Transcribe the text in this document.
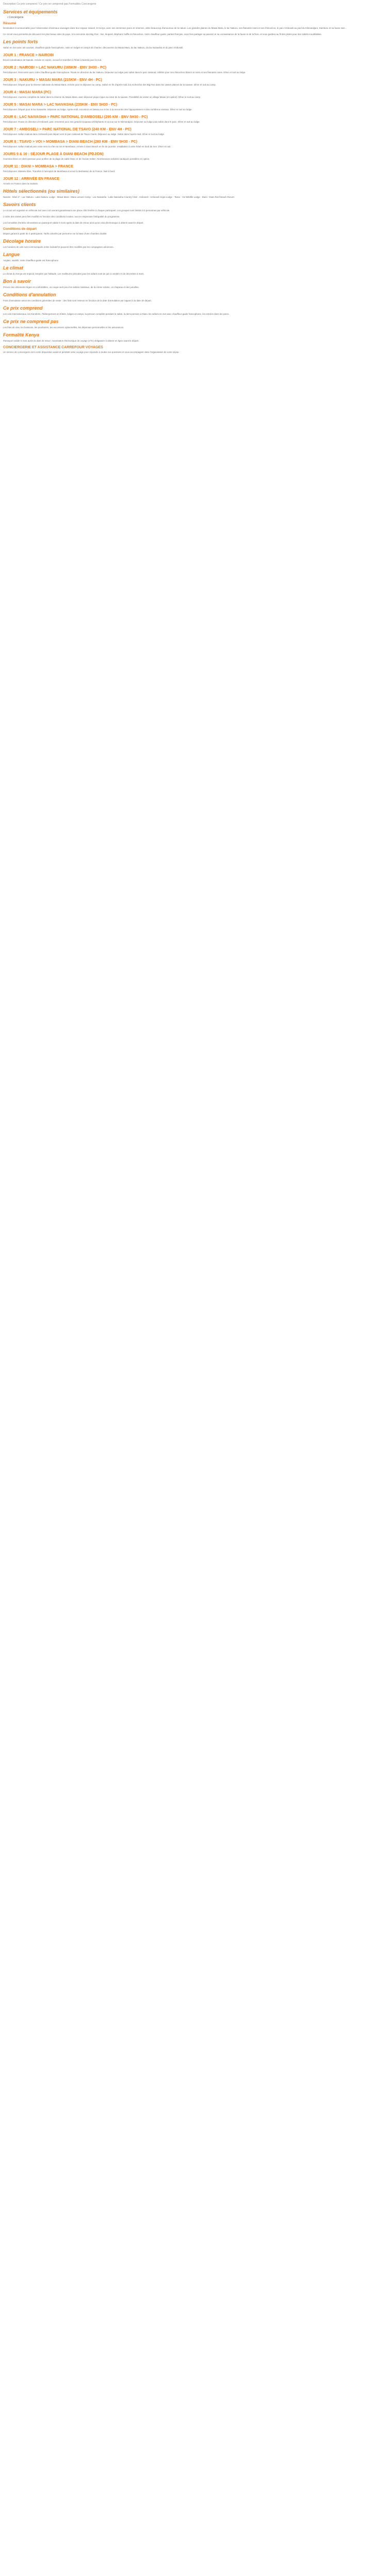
Description Ce prix comprend / Ce prix ne comprend pas Formalités Conciergerie
Services et équipements
• Conciergerie
Résumé
Destination incontournable pour l'observation d'animaux sauvages dans leur espace naturel, le Kenya, avec ses immenses parcs et réserves, attire beaucoup d'amoureux de la nature. Les grandes plaines du Masai Mara, le lac Nakuru, ses flamants roses et ses rhinocéros, le parc Amboseli au pied du Kilimandjaro, Samburu et sa faune rare...
Ce circuit vous permettra de découvrir les plus beaux sites du pays, à la rencontre des Big Five : lion, léopard, éléphant, buffle et rhinocéros. Votre chauffeur-guide, parlant français, vous fera partager sa passion et sa connaissance de la faune et de la flore, et vous guidera au fil des pistes pour des safaris inoubliables.
Les points forts
Safari en 4x4 avec toit ouvrant, chauffeur-guide francophone, nuits en lodges et camps de charme, découverte du Masai Mara, du lac Nakuru, du lac Naivasha et du parc Amboseli.
JOUR 1 : FRANCE > NAIROBI
Envol à destination de Nairobi. Arrivée en soirée, accueil et transfert à l'hôtel à Nairobi pour la nuit.
JOUR 2 : NAIROBI > LAC NAKURU (165KM - ENV 3H30 - PC)
Petit déjeuner. Rencontre avec votre chauffeur-guide francophone. Route en direction du lac Nakuru. Déjeuner au lodge puis safari dans le parc national, célèbre pour ses rhinocéros blancs et noirs et ses flamants roses. Dîner et nuit au lodge.
JOUR 3 : NAKURU > MASAI MARA (215KM - ENV 4H - PC)
Petit déjeuner. Départ pour la réserve nationale du Masai Mara. Arrivée pour le déjeuner au camp. Safari en fin d'après-midi à la recherche des Big Five dans les vastes plaines de la savane. Dîner et nuit au camp.
JOUR 4 : MASAI MARA (PC)
Petit déjeuner. Journée complète de safari dans la réserve du Masai Mara, avec déjeuner pique-nique au cœur de la savane. Possibilité de visiter un village Masai (en option). Dîner et nuit au camp.
JOUR 5 : MASAI MARA > LAC NAIVASHA (235KM - ENV 5H30 - PC)
Petit déjeuner. Départ pour le lac Naivasha. Déjeuner au lodge. Après-midi, excursion en bateau sur le lac à la rencontre des hippopotames et des nombreux oiseaux. Dîner et nuit au lodge.
JOUR 6 : LAC NAIVASHA > PARC NATIONAL D'AMBOSELI (295 KM - ENV 5H30 - PC)
Petit déjeuner. Route en direction d'Amboseli, parc renommé pour ses grands troupeaux d'éléphants et sa vue sur le Kilimandjaro. Déjeuner au lodge puis safari dans le parc. Dîner et nuit au lodge.
JOUR 7 : AMBOSELI > PARC NATIONAL DE TSAVO (240 KM - ENV 4H - PC)
Petit déjeuner. Safari matinal dans Amboseli puis départ vers le parc national de Tsavo Ouest. Déjeuner au lodge. Safari dans l'après-midi. Dîner et nuit au lodge.
JOUR 8 : TSAVO > VOI > MOMBASA > DIANI BEACH (283 KM - ENV 5H30 - PC)
Petit déjeuner. Safari matinal puis route vers la côte via Voi et Mombasa. Arrivée à Diani Beach en fin de journée. Installation à votre hôtel en bord de mer. Dîner et nuit.
JOURS 9 & 10 : SÉJOUR PLAGE À DIANI BEACH (PDJ/DN)
Journées libres en demi-pension pour profiter de la plage de sable blanc et de l'océan Indien. Nombreuses activités nautiques possibles en option.
JOUR 11 : DIANI > MOMBASA > FRANCE
Petit déjeuner. Matinée libre. Transfert à l'aéroport de Mombasa et envol à destination de la France. Nuit à bord.
JOUR 12 : ARRIVÉE EN FRANCE
Arrivée en France dans la matinée.
Hôtels sélectionnés (ou similaires)
Nairobi : hôtel 4* - Lac Nakuru : Lake Nakuru Lodge - Masai Mara : Mara Leisure Camp - Lac Naivasha : Lake Naivasha Country Club - Amboseli : Amboseli Sopa Lodge - Tsavo : Voi Wildlife Lodge - Diani : Diani Reef Beach Resort.
Savoirs clients
Le circuit est organisé en véhicule 4x4 avec toit ouvrant garantissant une place côté fenêtre à chaque participant. Les groupes sont limités à 6 personnes par véhicule.
L'ordre des visites peut être modifié en fonction des conditions locales, tout en respectant l'intégralité du programme.
Les formalités d'entrée nécessitent un passeport valide 6 mois après la date de retour ainsi qu'un visa électronique à obtenir avant le départ.
Conditions de départ
Départ garanti à partir de 2 participants. Tarifs calculés par personne sur la base d'une chambre double.
Décolage horaire
Les horaires de vols sont communiqués à titre indicatif et peuvent être modifiés par les compagnies aériennes.
Langue
Anglais, swahili. Votre chauffeur-guide est francophone.
Le climat
Le climat du Kenya est tropical, tempéré par l'altitude. Les meilleures périodes pour les safaris sont de juin à octobre et de décembre à mars.
Bon à savoir
Prévoir des vêtements légers et confortables, un coupe-vent pour les safaris matinaux, de la crème solaire, un chapeau et des jumelles.
Conditions d'annulation
Frais d'annulation selon les conditions générales de vente : des frais sont retenus en fonction de la date d'annulation par rapport à la date de départ.
Ce prix comprend
Les vols internationaux, les transferts, l'hébergement en hôtels, lodges et camps, la pension complète pendant le safari, la demi-pension à Diani, les safaris en 4x4 avec chauffeur-guide francophone, les entrées dans les parcs.
Ce prix ne comprend pas
Les frais de visa, les boissons, les pourboires, les excursions optionnelles, les dépenses personnelles et les assurances.
Formalité Kenya
Passeport valide 6 mois après la date de retour. Autorisation électronique de voyage (eTA) obligatoire à obtenir en ligne avant le départ.
CONCIERGERIE ET ASSISTANCE CARREFOUR VOYAGES
Un service de conciergerie est à votre disposition avant et pendant votre voyage pour répondre à toutes vos questions et vous accompagner dans l'organisation de votre séjour.
